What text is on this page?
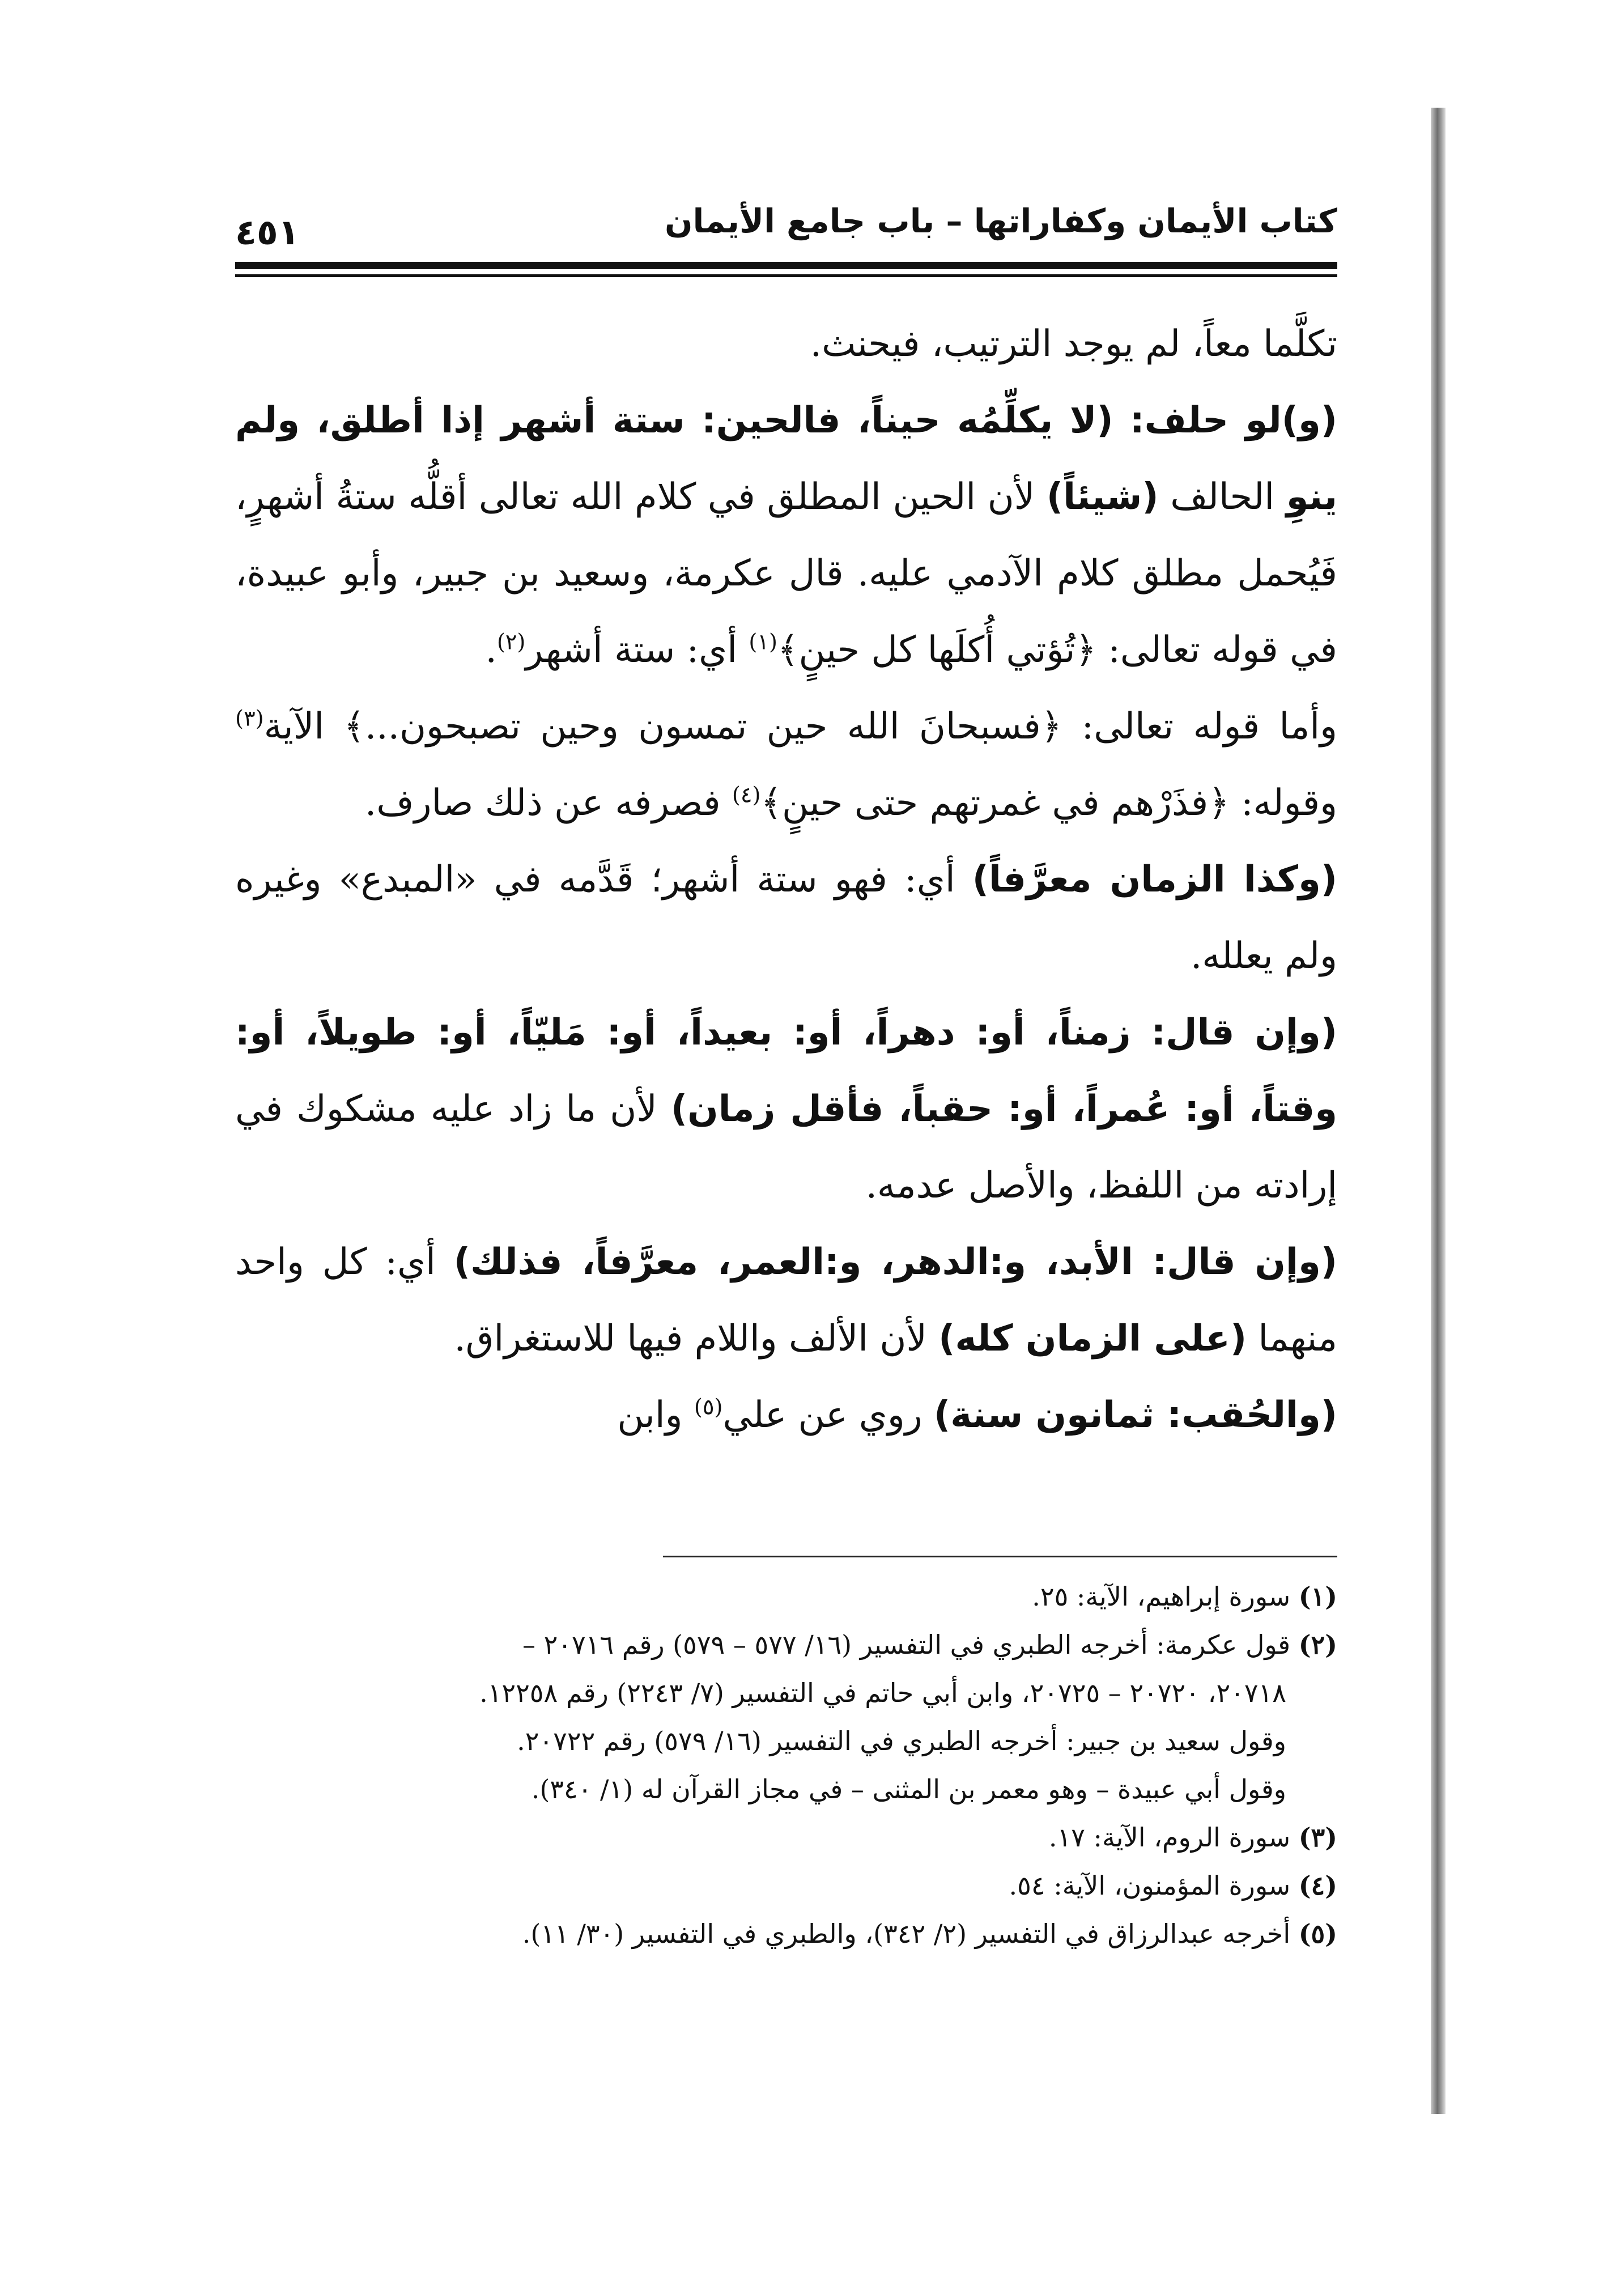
كتاب الأيمان وكفاراتها – باب جامع الأيمان
٤٥١

تكلَّما معاً، لم يوجد الترتيب، فيحنث.

(و)لو حلف: (لا يكلِّمُه حيناً، فالحين: ستة أشهر إذا أطلق، ولم ينوِ الحالف (شيئاً) لأن الحين المطلق في كلام الله تعالى أقلُّه ستةُ أشهرٍ، فَيُحمل مطلق كلام الآدمي عليه. قال عكرمة، وسعيد بن جبير، وأبو عبيدة، في قوله تعالى: ﴿تُؤتي أُكلَها كل حينٍ﴾$^{(١)}$ أي: ستة أشهر$^{(٢)}$.

وأما قوله تعالى: ﴿فسبحانَ الله حين تمسون وحين تصبحون...﴾ الآية$^{(٣)}$ وقوله: ﴿فذَرْهم في غمرتهم حتى حينٍ﴾$^{(٤)}$ فصرفه عن ذلك صارف.

(وكذا الزمان معرَّفاً) أي: فهو ستة أشهر؛ قَدَّمه في «المبدع» وغيره ولم يعلله.

(وإن قال: زمناً، أو: دهراً، أو: بعيداً، أو: مَليّاً، أو: طويلاً، أو: وقتاً، أو: عُمراً، أو: حقباً، فأقل زمان) لأن ما زاد عليه مشكوك في إرادته من اللفظ، والأصل عدمه.

(وإن قال: الأبد، و:الدهر، و:العمر، معرَّفاً، فذلك) أي: كل واحد منهما (على الزمان كله) لأن الألف واللام فيها للاستغراق.

(والحُقب: ثمانون سنة) روي عن علي$^{(٥)}$ وابن

(١) سورة إبراهيم، الآية: ٢٥.
(٢) قول عكرمة: أخرجه الطبري في التفسير (١٦/ ٥٧٧ – ٥٧٩) رقم ٢٠٧١٦ –
٢٠٧١٨، ٢٠٧٢٠ – ٢٠٧٢٥، وابن أبي حاتم في التفسير (٧/ ٢٢٤٣) رقم ١٢٢٥٨.
وقول سعيد بن جبير: أخرجه الطبري في التفسير (١٦/ ٥٧٩) رقم ٢٠٧٢٢.
وقول أبي عبيدة – وهو معمر بن المثنى – في مجاز القرآن له (١/ ٣٤٠).
(٣) سورة الروم، الآية: ١٧.
(٤) سورة المؤمنون، الآية: ٥٤.
(٥) أخرجه عبدالرزاق في التفسير (٢/ ٣٤٢)، والطبري في التفسير (٣٠/ ١١).
